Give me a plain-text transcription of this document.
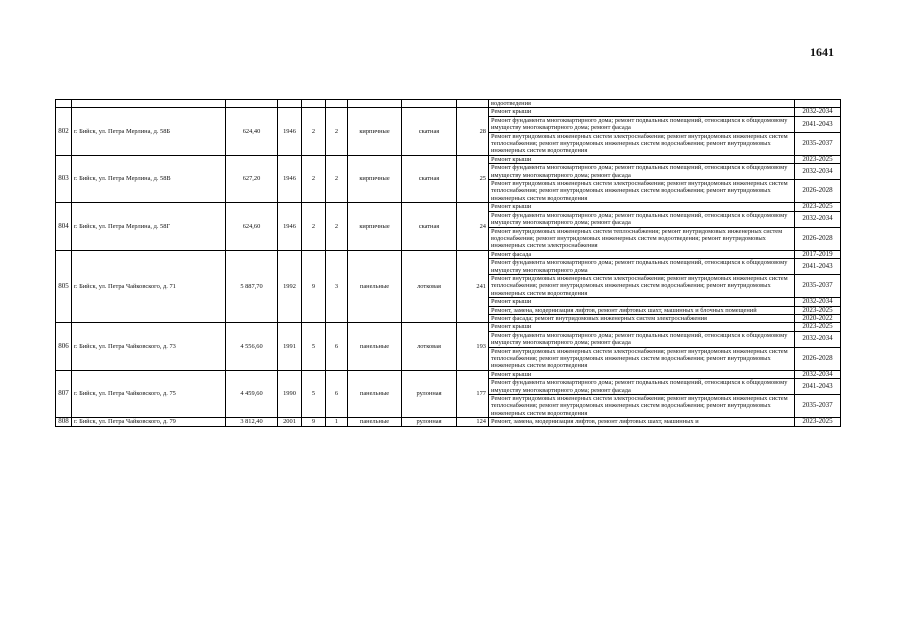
1641
									водоотведения	
802	г. Бийск, ул. Петра Мерлина, д. 58Б	624,40	1946	2	2	кирпичные	скатная	28	Ремонт крыши	2032-2034
									Ремонт фундамента многоквартирного дома; ремонт подвальных помещений, относящихся к общедомовому имуществу многоквартирного дома; ремонт фасада	2041-2043
									Ремонт внутридомовых инженерных систем электроснабжения; ремонт внутридомовых инженерных систем теплоснабжения; ремонт внутридомовых инженерных систем водоснабжения; ремонт внутридомовых инженерных систем водоотведения	2035-2037
803	г. Бийск, ул. Петра Мерлина, д. 58В	627,20	1946	2	2	кирпичные	скатная	25	Ремонт крыши	2023-2025
									Ремонт фундамента многоквартирного дома; ремонт подвальных помещений, относящихся к общедомовому имуществу многоквартирного дома; ремонт фасада	2032-2034
									Ремонт внутридомовых инженерных систем электроснабжения; ремонт внутридомовых инженерных систем теплоснабжения; ремонт внутридомовых инженерных систем водоснабжения; ремонт внутридомовых инженерных систем водоотведения	2026-2028
804	г. Бийск, ул. Петра Мерлина, д. 58Г	624,60	1946	2	2	кирпичные	скатная	24	Ремонт крыши	2023-2025
									Ремонт фундамента многоквартирного дома; ремонт подвальных помещений, относящихся к общедомовому имуществу многоквартирного дома; ремонт фасада	2032-2034
									Ремонт внутридомовых инженерных систем теплоснабжения; ремонт внутридомовых инженерных систем водоснабжения; ремонт внутридомовых инженерных систем водоотведения; ремонт внутридомовых инженерных систем электроснабжения	2026-2028
805	г. Бийск, ул. Петра Чайковского, д. 71	5 887,70	1992	9	3	панельные	лотковая	241	Ремонт фасада	2017-2019
									Ремонт фундамента многоквартирного дома; ремонт подвальных помещений, относящихся к общедомовому имуществу многоквартирного дома	2041-2043
									Ремонт внутридомовых инженерных систем электроснабжения; ремонт внутридомовых инженерных систем теплоснабжения; ремонт внутридомовых инженерных систем водоснабжения; ремонт внутридомовых инженерных систем водоотведения	2035-2037
									Ремонт крыши	2032-2034
									Ремонт, замена, модернизация лифтов, ремонт лифтовых шахт, машинных и блочных помещений	2023-2025
									Ремонт фасада; ремонт внутридомовых инженерных систем электроснабжения	2020-2022
806	г. Бийск, ул. Петра Чайковского, д. 73	4 556,60	1991	5	6	панельные	лотковая	193	Ремонт крыши	2023-2025
									Ремонт фундамента многоквартирного дома; ремонт подвальных помещений, относящихся к общедомовому имуществу многоквартирного дома; ремонт фасада	2032-2034
									Ремонт внутридомовых инженерных систем электроснабжения; ремонт внутридомовых инженерных систем теплоснабжения; ремонт внутридомовых инженерных систем водоснабжения; ремонт внутридомовых инженерных систем водоотведения	2026-2028
807	г. Бийск, ул. Петра Чайковского, д. 75	4 459,60	1990	5	6	панельные	рулонная	177	Ремонт крыши	2032-2034
									Ремонт фундамента многоквартирного дома; ремонт подвальных помещений, относящихся к общедомовому имуществу многоквартирного дома; ремонт фасада	2041-2043
									Ремонт внутридомовых инженерных систем электроснабжения; ремонт внутридомовых инженерных систем теплоснабжения; ремонт внутридомовых инженерных систем водоснабжения; ремонт внутридомовых инженерных систем водоотведения	2035-2037
808	г. Бийск, ул. Петра Чайковского, д. 79	3 812,40	2001	9	1	панельные	рулонная	124	Ремонт, замена, модернизация лифтов, ремонт лифтовых шахт, машинных и	2023-2025
